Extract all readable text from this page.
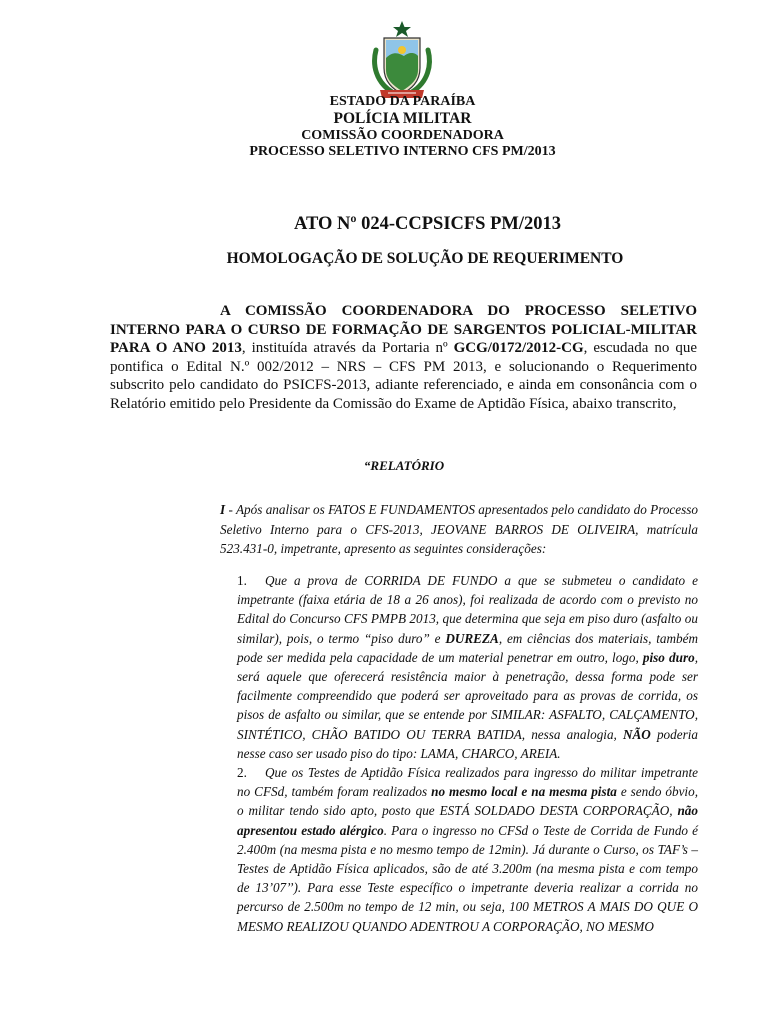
ESTADO DA PARAÍBA
POLÍCIA MILITAR
COMISSÃO COORDENADORA
PROCESSO SELETIVO INTERNO CFS PM/2013
ATO Nº 024-CCPSICFS PM/2013
HOMOLOGAÇÃO DE SOLUÇÃO DE REQUERIMENTO
A COMISSÃO COORDENADORA DO PROCESSO SELETIVO INTERNO PARA O CURSO DE FORMAÇÃO DE SARGENTOS POLICIAL-MILITAR PARA O ANO 2013, instituída através da Portaria nº GCG/0172/2012-CG, escudada no que pontifica o Edital N.º 002/2012 – NRS – CFS PM 2013, e solucionando o Requerimento subscrito pelo candidato do PSICFS-2013, adiante referenciado, e ainda em consonância com o Relatório emitido pelo Presidente da Comissão do Exame de Aptidão Física, abaixo transcrito,
“RELATÓRIO
I - Após analisar os FATOS E FUNDAMENTOS apresentados pelo candidato do Processo Seletivo Interno para o CFS-2013, JEOVANE BARROS DE OLIVEIRA, matrícula 523.431-0, impetrante, apresento as seguintes considerações:

1. Que a prova de CORRIDA DE FUNDO a que se submeteu o candidato e impetrante (faixa etária de 18 a 26 anos), foi realizada de acordo com o previsto no Edital do Concurso CFS PMPB 2013, que determina que seja em piso duro (asfalto ou similar), pois, o termo “piso duro” e DUREZA, em ciências dos materiais, também pode ser medida pela capacidade de um material penetrar em outro, logo, piso duro, será aquele que oferecerá resistência maior à penetração, dessa forma pode ser facilmente compreendido que poderá ser aproveitado para as provas de corrida, os pisos de asfalto ou similar, que se entende por SIMILAR: ASFALTO, CALÇAMENTO, SINTÉTICO, CHÃO BATIDO OU TERRA BATIDA, nessa analogia, NÃO poderia nesse caso ser usado piso do tipo: LAMA, CHARCO, AREIA.

2. Que os Testes de Aptidão Física realizados para ingresso do militar impetrante no CFSd, também foram realizados no mesmo local e na mesma pista e sendo óbvio, o militar tendo sido apto, posto que ESTÁ SOLDADO DESTA CORPORAÇÃO, não apresentou estado alérgico. Para o ingresso no CFSd o Teste de Corrida de Fundo é 2.400m (na mesma pista e no mesmo tempo de 12min). Já durante o Curso, os TAF’s – Testes de Aptidão Física aplicados, são de até 3.200m (na mesma pista e com tempo de 13’07’’). Para esse Teste específico o impetrante deveria realizar a corrida no percurso de 2.500m no tempo de 12 min, ou seja, 100 METROS A MAIS DO QUE O MESMO REALIZOU QUANDO ADENTROU A CORPORAÇÃO, NO MESMO
